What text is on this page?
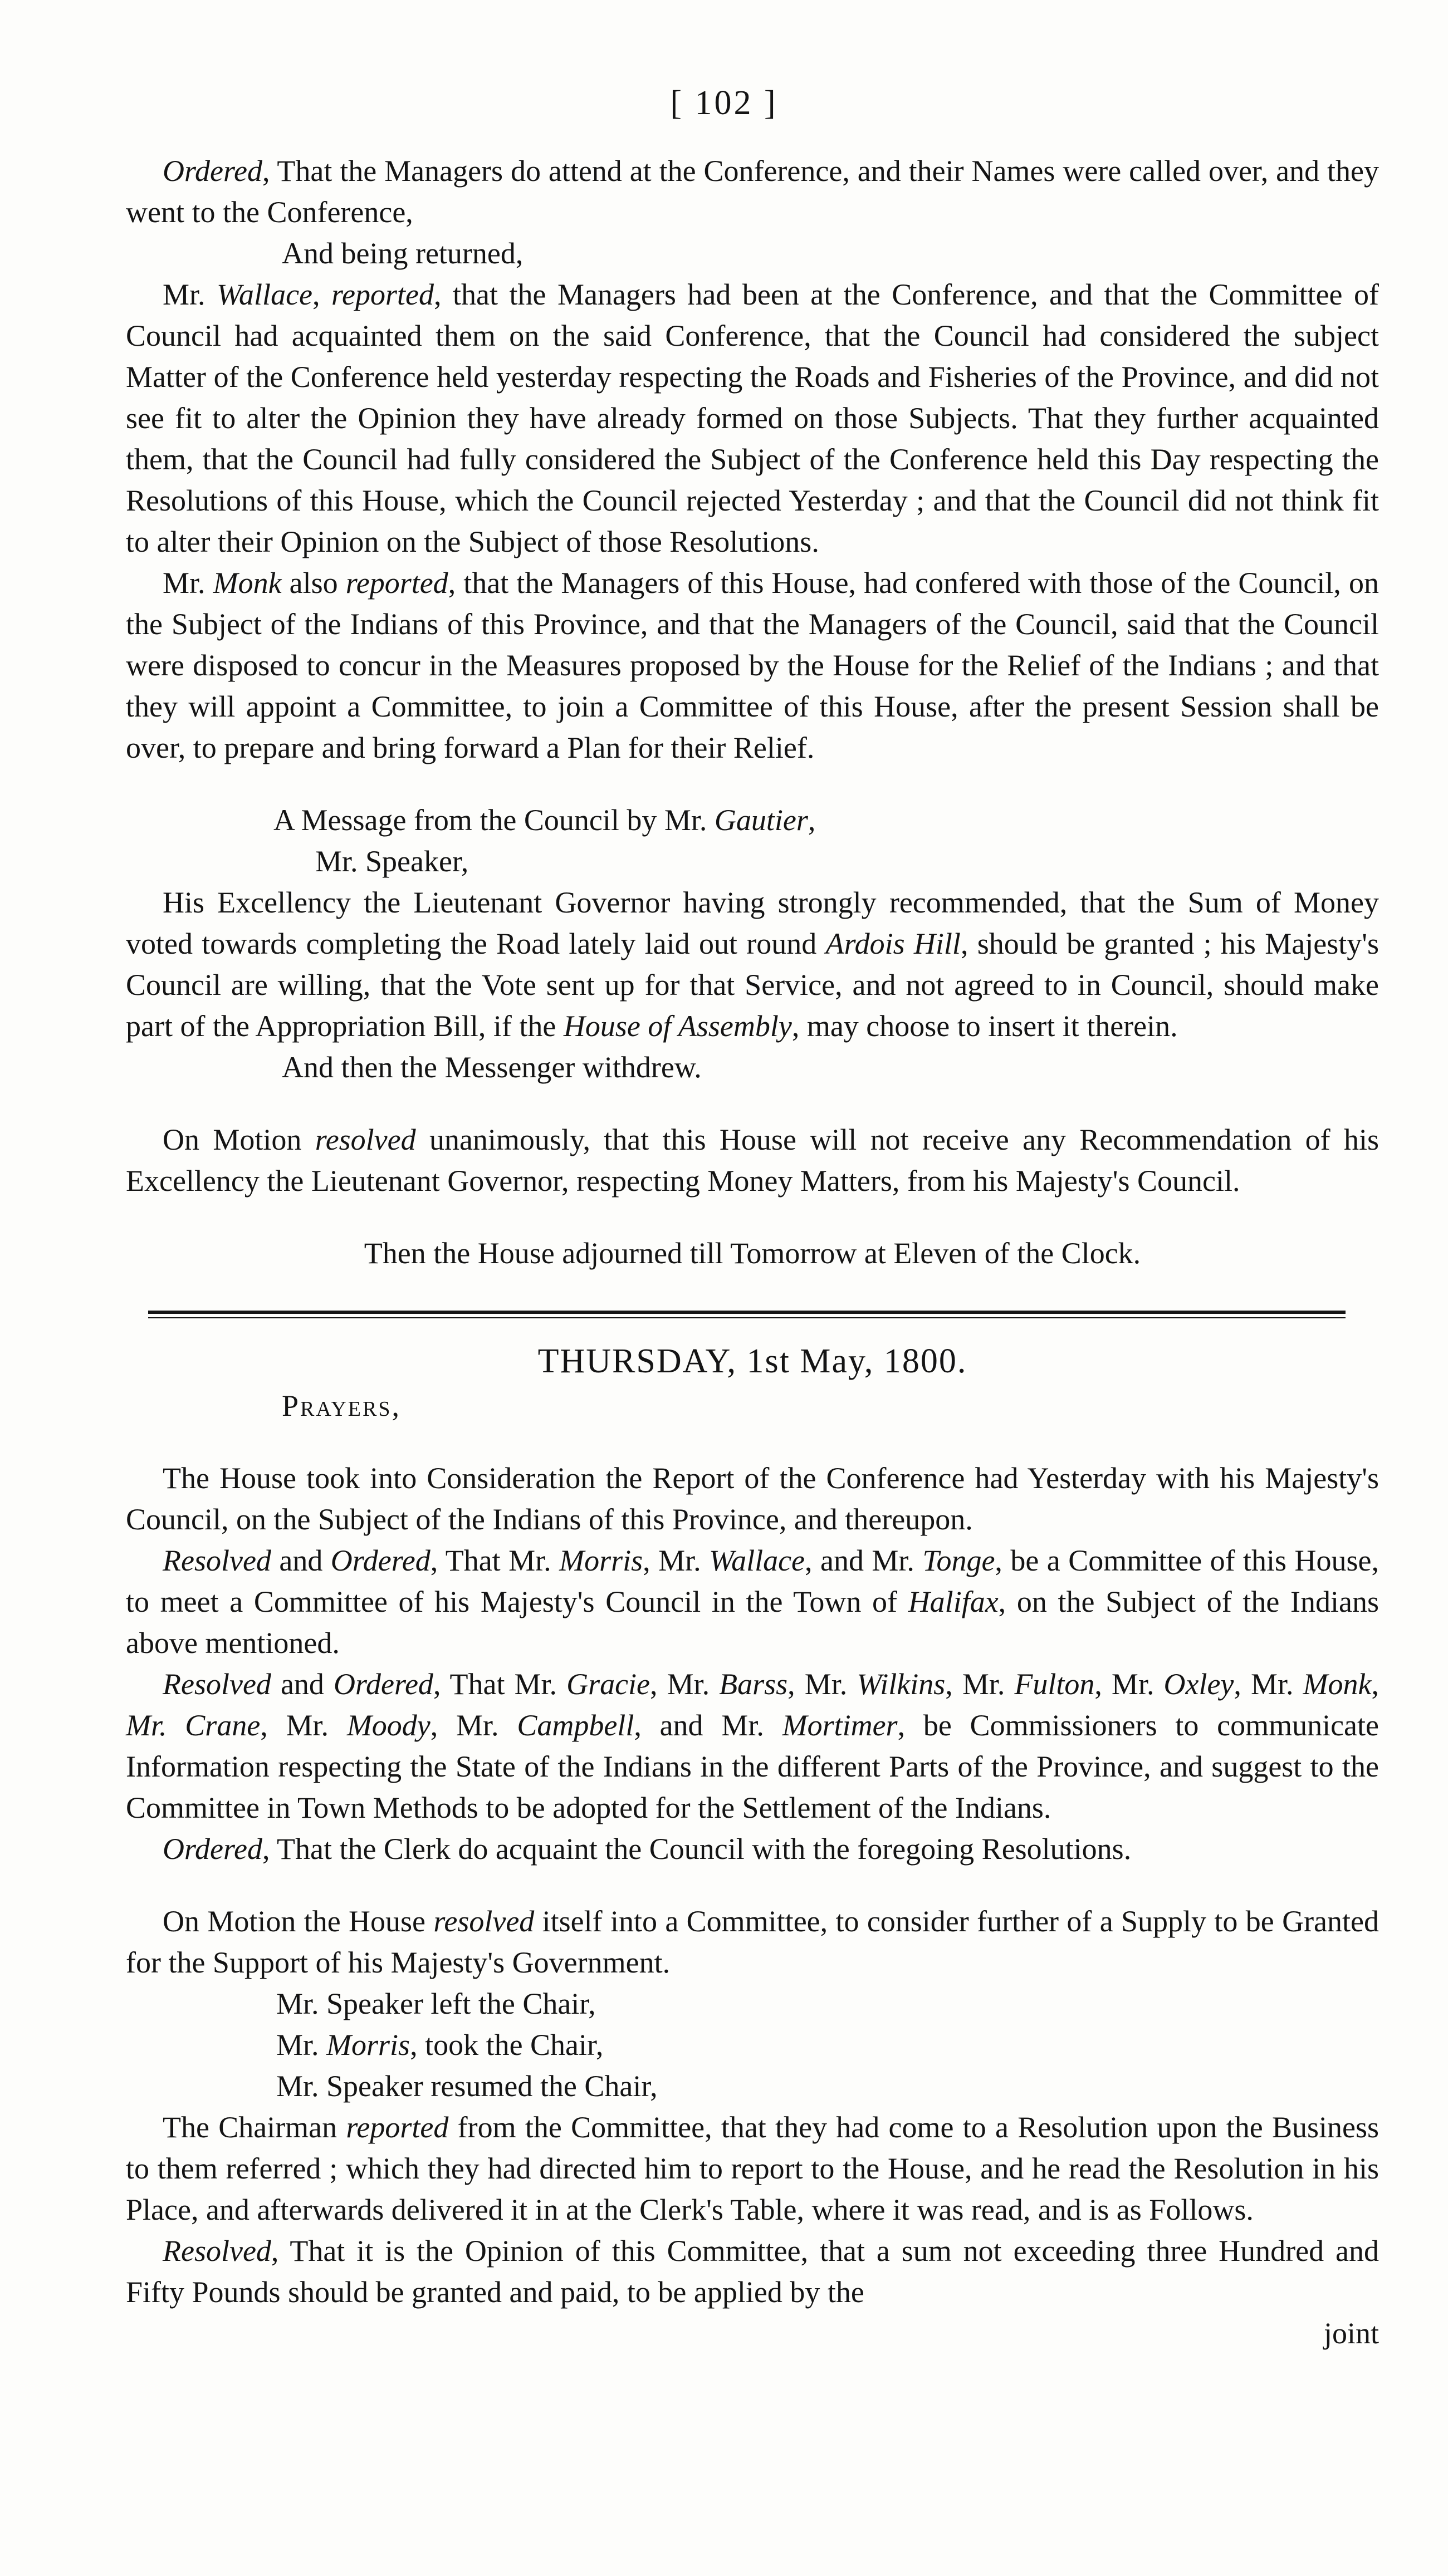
[ 102 ]

Ordered, That the Managers do attend at the Conference, and their Names were called over, and they went to the Conference,

And being returned,

Mr. Wallace, reported, that the Managers had been at the Conference, and that the Committee of Council had acquainted them on the said Conference, that the Council had considered the subject Matter of the Conference held yesterday respecting the Roads and Fisheries of the Province, and did not see fit to alter the Opinion they have already formed on those Subjects. That they further acquainted them, that the Council had fully considered the Subject of the Conference held this Day respecting the Resolutions of this House, which the Council rejected Yesterday ; and that the Council did not think fit to alter their Opinion on the Subject of those Resolutions.

Mr. Monk also reported, that the Managers of this House, had confered with those of the Council, on the Subject of the Indians of this Province, and that the Managers of the Council, said that the Council were disposed to concur in the Measures proposed by the House for the Relief of the Indians ; and that they will appoint a Committee, to join a Committee of this House, after the present Session shall be over, to prepare and bring forward a Plan for their Relief.

A Message from the Council by Mr. Gautier,

Mr. Speaker,

His Excellency the Lieutenant Governor having strongly recommended, that the Sum of Money voted towards completing the Road lately laid out round Ardois Hill, should be granted ; his Majesty's Council are willing, that the Vote sent up for that Service, and not agreed to in Council, should make part of the Appropriation Bill, if the House of Assembly, may choose to insert it therein.

And then the Messenger withdrew.

On Motion resolved unanimously, that this House will not receive any Recommendation of his Excellency the Lieutenant Governor, respecting Money Matters, from his Majesty's Council.

Then the House adjourned till Tomorrow at Eleven of the Clock.

THURSDAY, 1st May, 1800.
Prayers,

The House took into Consideration the Report of the Conference had Yesterday with his Majesty's Council, on the Subject of the Indians of this Province, and thereupon.

Resolved and Ordered, That Mr. Morris, Mr. Wallace, and Mr. Tonge, be a Committee of this House, to meet a Committee of his Majesty's Council in the Town of Halifax, on the Subject of the Indians above mentioned.

Resolved and Ordered, That Mr. Gracie, Mr. Barss, Mr. Wilkins, Mr. Fulton, Mr. Oxley, Mr. Monk, Mr. Crane, Mr. Moody, Mr. Campbell, and Mr. Mortimer, be Commissioners to communicate Information respecting the State of the Indians in the different Parts of the Province, and suggest to the Committee in Town Methods to be adopted for the Settlement of the Indians.

Ordered, That the Clerk do acquaint the Council with the foregoing Resolutions.

On Motion the House resolved itself into a Committee, to consider further of a Supply to be Granted for the Support of his Majesty's Government.

Mr. Speaker left the Chair,

Mr. Morris, took the Chair,

Mr. Speaker resumed the Chair,

The Chairman reported from the Committee, that they had come to a Resolution upon the Business to them referred ; which they had directed him to report to the House, and he read the Resolution in his Place, and afterwards delivered it in at the Clerk's Table, where it was read, and is as Follows.

Resolved, That it is the Opinion of this Committee, that a sum not exceeding three Hundred and Fifty Pounds should be granted and paid, to be applied by the

joint
